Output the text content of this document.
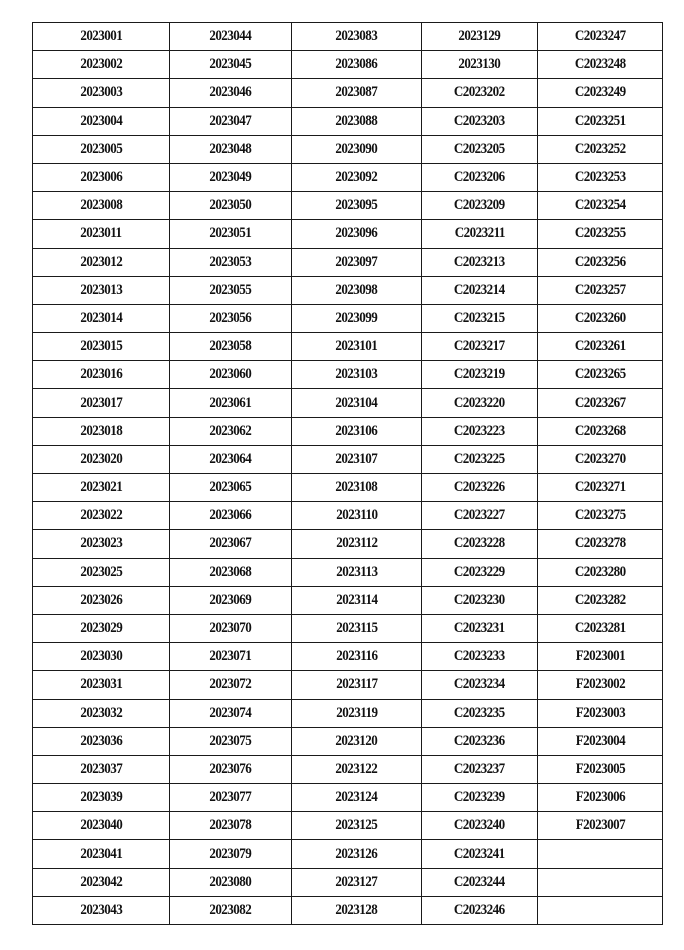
2023001	2023044	2023083	2023129	C2023247
2023002	2023045	2023086	2023130	C2023248
2023003	2023046	2023087	C2023202	C2023249
2023004	2023047	2023088	C2023203	C2023251
2023005	2023048	2023090	C2023205	C2023252
2023006	2023049	2023092	C2023206	C2023253
2023008	2023050	2023095	C2023209	C2023254
2023011	2023051	2023096	C2023211	C2023255
2023012	2023053	2023097	C2023213	C2023256
2023013	2023055	2023098	C2023214	C2023257
2023014	2023056	2023099	C2023215	C2023260
2023015	2023058	2023101	C2023217	C2023261
2023016	2023060	2023103	C2023219	C2023265
2023017	2023061	2023104	C2023220	C2023267
2023018	2023062	2023106	C2023223	C2023268
2023020	2023064	2023107	C2023225	C2023270
2023021	2023065	2023108	C2023226	C2023271
2023022	2023066	2023110	C2023227	C2023275
2023023	2023067	2023112	C2023228	C2023278
2023025	2023068	2023113	C2023229	C2023280
2023026	2023069	2023114	C2023230	C2023282
2023029	2023070	2023115	C2023231	C2023281
2023030	2023071	2023116	C2023233	F2023001
2023031	2023072	2023117	C2023234	F2023002
2023032	2023074	2023119	C2023235	F2023003
2023036	2023075	2023120	C2023236	F2023004
2023037	2023076	2023122	C2023237	F2023005
2023039	2023077	2023124	C2023239	F2023006
2023040	2023078	2023125	C2023240	F2023007
2023041	2023079	2023126	C2023241	
2023042	2023080	2023127	C2023244	
2023043	2023082	2023128	C2023246	
